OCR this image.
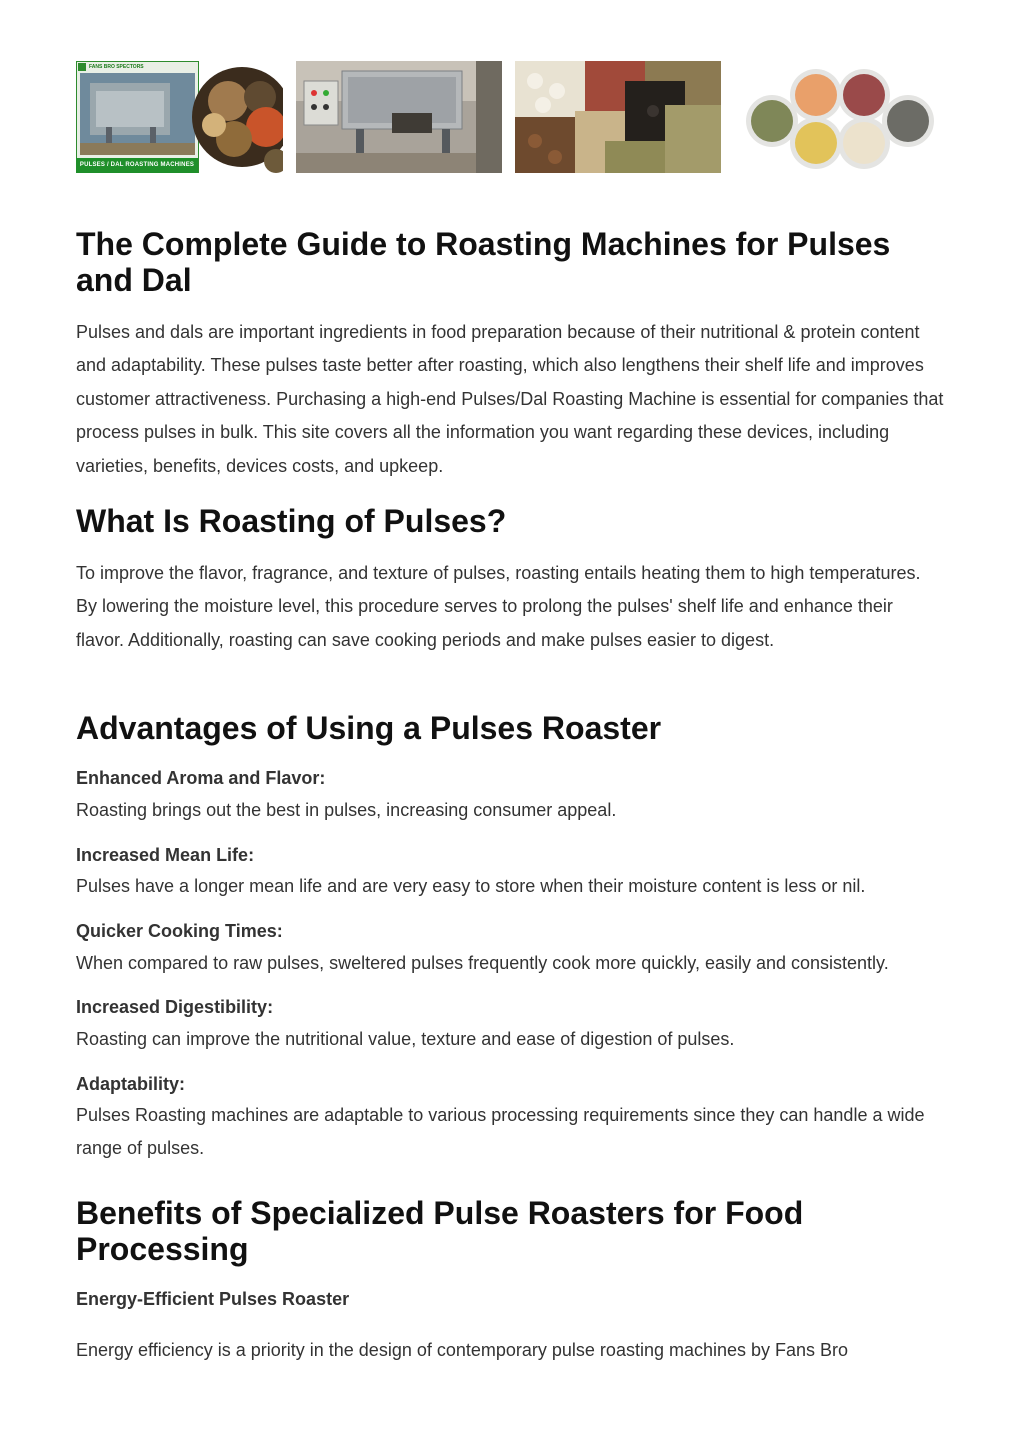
FANS BRO SPECTORS
PULSES / DAL ROASTING MACHINES
The Complete Guide to Roasting Machines for Pulses and Dal

Pulses and dals are important ingredients in food preparation because of their nutritional & protein content and adaptability. These pulses taste better after roasting, which also lengthens their shelf life and improves customer attractiveness. Purchasing a high-end Pulses/Dal Roasting Machine is essential for companies that process pulses in bulk. This site covers all the information you want regarding these devices, including varieties, benefits, devices costs, and upkeep.

What Is Roasting of Pulses?

To improve the flavor, fragrance, and texture of pulses, roasting entails heating them to high temperatures. By lowering the moisture level, this procedure serves to prolong the pulses' shelf life and enhance their flavor. Additionally, roasting can save cooking periods and make pulses easier to digest.

Advantages of Using a Pulses Roaster
Enhanced Aroma and Flavor:

Roasting brings out the best in pulses, increasing consumer appeal.

Increased Mean Life:

Pulses have a longer mean life and are very easy to store when their moisture content is less or nil.

Quicker Cooking Times:

When compared to raw pulses, sweltered pulses frequently cook more quickly, easily and consistently.

Increased Digestibility:

Roasting can improve the nutritional value, texture and ease of digestion of pulses.

Adaptability:

Pulses Roasting machines are adaptable to various processing requirements since they can handle a wide range of pulses.

Benefits of Specialized Pulse Roasters for Food Processing
Energy-Efficient Pulses Roaster

Energy efficiency is a priority in the design of contemporary pulse roasting machines by Fans Bro
